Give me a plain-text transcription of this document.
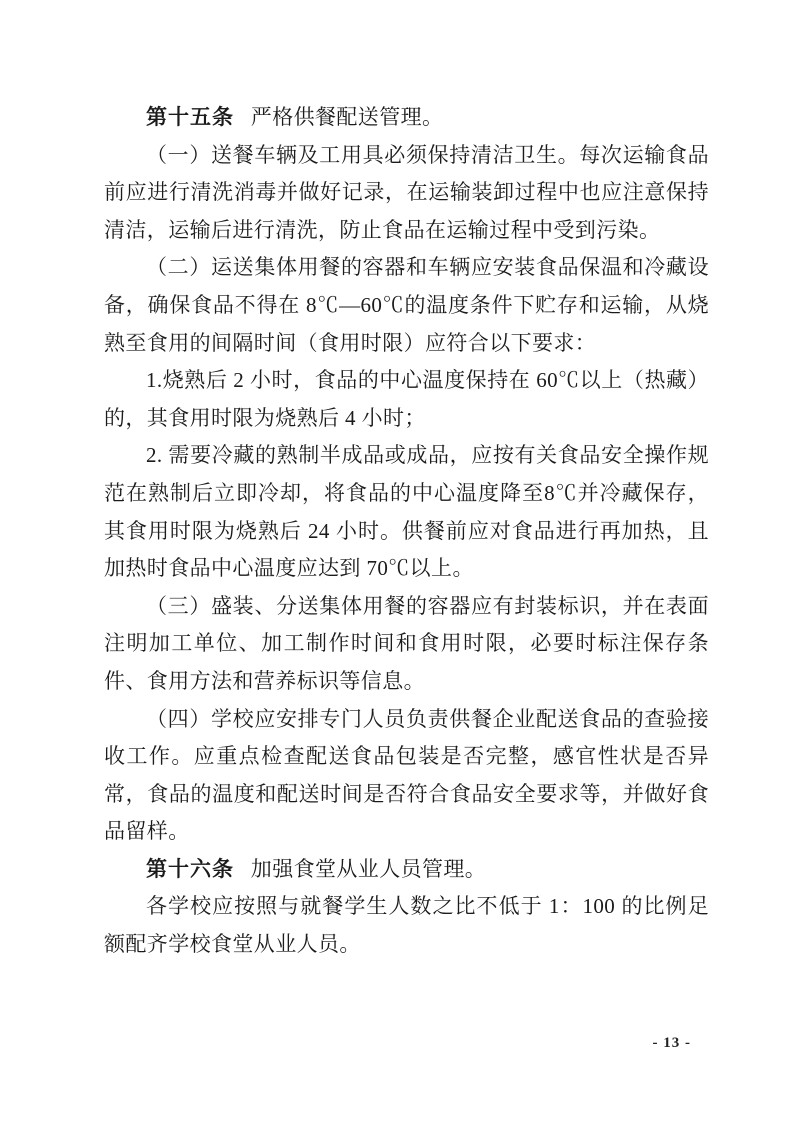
第十五条 严格供餐配送管理。

（一）送餐车辆及工用具必须保持清洁卫生。每次运输食品前应进行清洗消毒并做好记录，在运输装卸过程中也应注意保持清洁，运输后进行清洗，防止食品在运输过程中受到污染。

（二）运送集体用餐的容器和车辆应安装食品保温和冷藏设备，确保食品不得在 8℃—60℃的温度条件下贮存和运输，从烧熟至食用的间隔时间（食用时限）应符合以下要求：

1.烧熟后 2 小时，食品的中心温度保持在 60℃以上（热藏）的，其食用时限为烧熟后 4 小时；

2. 需要冷藏的熟制半成品或成品，应按有关食品安全操作规范在熟制后立即冷却，将食品的中心温度降至8℃并冷藏保存，其食用时限为烧熟后 24 小时。供餐前应对食品进行再加热，且加热时食品中心温度应达到 70℃以上。

（三）盛装、分送集体用餐的容器应有封装标识，并在表面注明加工单位、加工制作时间和食用时限，必要时标注保存条件、食用方法和营养标识等信息。

（四）学校应安排专门人员负责供餐企业配送食品的查验接收工作。应重点检查配送食品包装是否完整，感官性状是否异常，食品的温度和配送时间是否符合食品安全要求等，并做好食品留样。

第十六条 加强食堂从业人员管理。

各学校应按照与就餐学生人数之比不低于 1：100 的比例足额配齐学校食堂从业人员。

- 13 -
